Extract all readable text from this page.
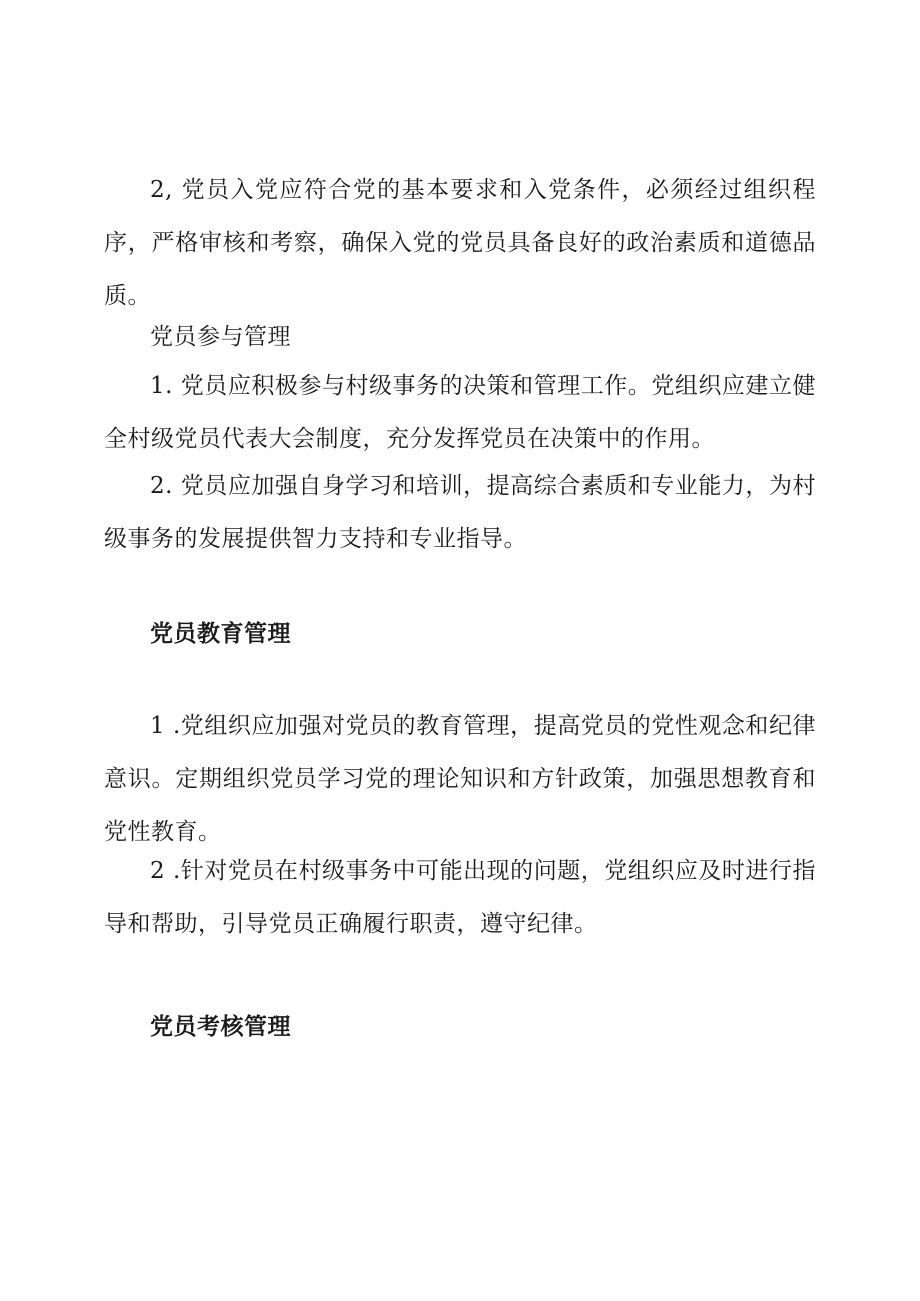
2, 党员入党应符合党的基本要求和入党条件，必须经过组织程序，严格审核和考察，确保入党的党员具备良好的政治素质和道德品质。

党员参与管理

1. 党员应积极参与村级事务的决策和管理工作。党组织应建立健全村级党员代表大会制度，充分发挥党员在决策中的作用。

2. 党员应加强自身学习和培训，提高综合素质和专业能力，为村级事务的发展提供智力支持和专业指导。

党员教育管理

1 .党组织应加强对党员的教育管理，提高党员的党性观念和纪律意识。定期组织党员学习党的理论知识和方针政策，加强思想教育和党性教育。

2 .针对党员在村级事务中可能出现的问题，党组织应及时进行指导和帮助，引导党员正确履行职责，遵守纪律。

党员考核管理
